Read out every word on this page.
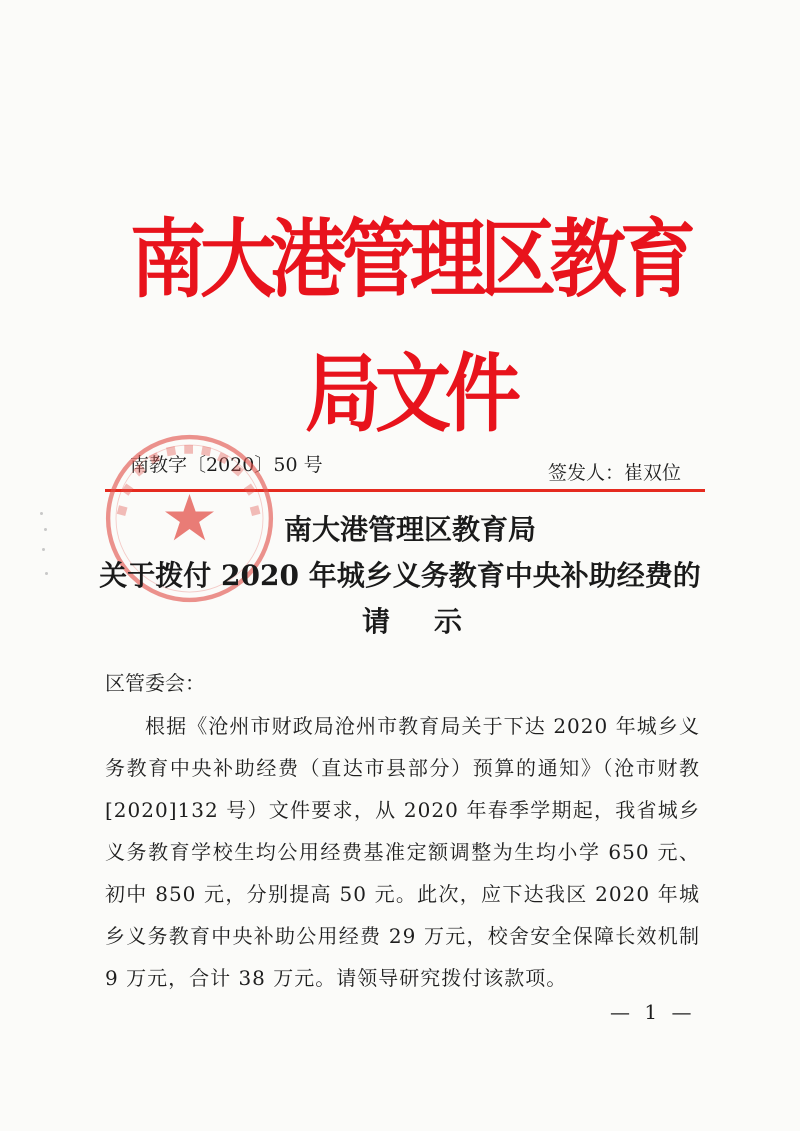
南大港管理区教育局文件
南教字〔2020〕50 号	签发人：崔双位
南大港管理区教育局
关于拨付 2020 年城乡义务教育中央补助经费的
请示
区管委会：
根据《沧州市财政局沧州市教育局关于下达 2020 年城乡义务教育中央补助经费（直达市县部分）预算的通知》（沧市财教[2020]132 号）文件要求，从 2020 年春季学期起，我省城乡义务教育学校生均公用经费基准定额调整为生均小学 650 元、初中 850 元，分别提高 50 元。此次，应下达我区 2020 年城乡义务教育中央补助公用经费 29 万元，校舍安全保障长效机制 9 万元，合计 38 万元。请领导研究拨付该款项。
— 1 —
